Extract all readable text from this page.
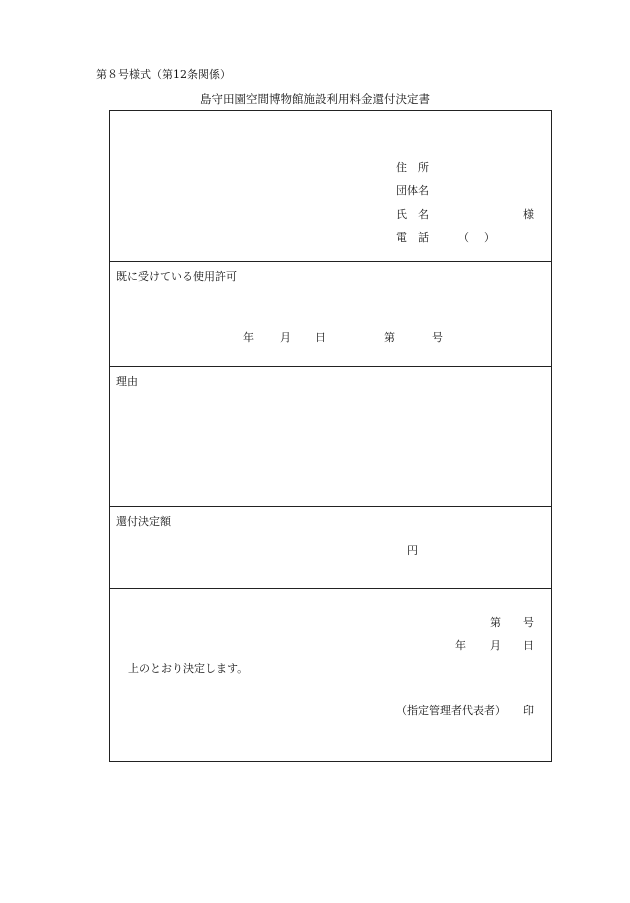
第８号様式（第12条関係）
島守田園空間博物館施設利用料金還付決定書
住　所
団体名
氏　名	様
電　話	（ ）
既に受けている使用許可
年 月 日	第	号
理由
還付決定額
円
第 号
年 月 日
上のとおり決定します。
（指定管理者代表者） 印
